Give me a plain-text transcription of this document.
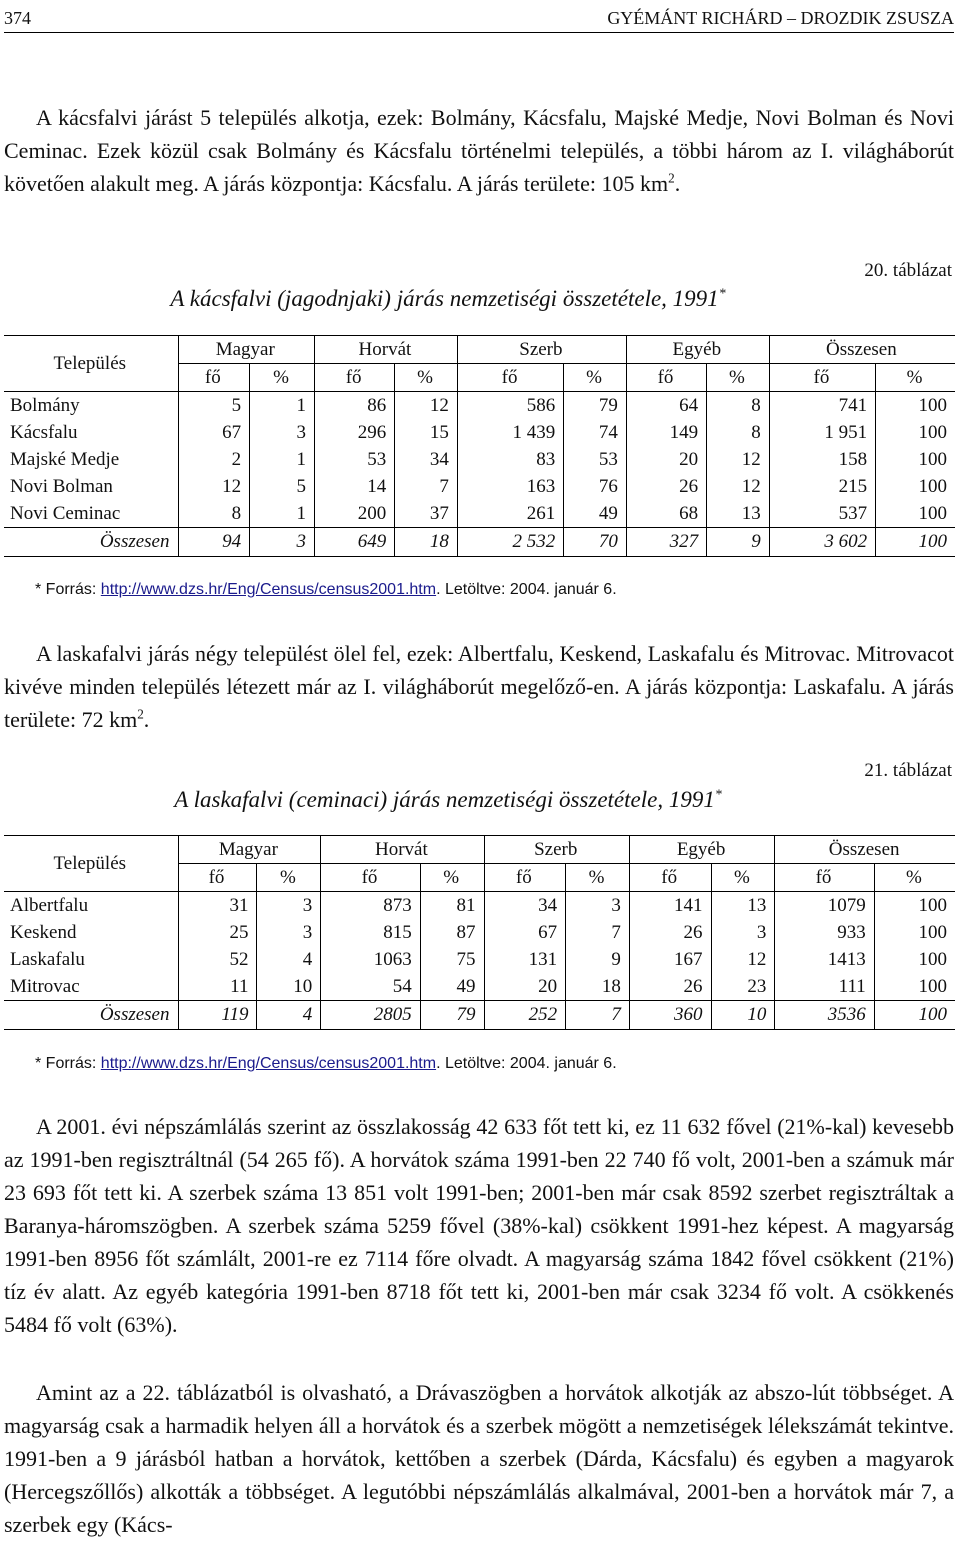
374	GYÉMÁNT RICHÁRD – DROZDIK ZSUSZA

A kácsfalvi járást 5 település alkotja, ezek: Bolmány, Kácsfalu, Majské Medje, Novi Bolman és Novi Ceminac. Ezek közül csak Bolmány és Kácsfalu történelmi település, a többi három az I. világháborút követően alakult meg. A járás központja: Kácsfalu. A járás területe: 105 $km^2$.

20. táblázat
A kácsfalvi (jagodnjaki) járás nemzetiségi összetétele, 1991*
Település	Magyar		Horvát		Szerb		Egyéb		Összesen	
	fő	%	fő	%	fő	%	fő	%	fő	%
Bolmány	5	1	86	12	586	79	64	8	741	100
Kácsfalu	67	3	296	15	1 439	74	149	8	1 951	100
Majské Medje	2	1	53	34	83	53	20	12	158	100
Novi Bolman	12	5	14	7	163	76	26	12	215	100
Novi Ceminac	8	1	200	37	261	49	68	13	537	100
Összesen	94	3	649	18	2 532	70	327	9	3 602	100
* Forrás: http://www.dzs.hr/Eng/Census/census2001.htm. Letöltve: 2004. január 6.

A laskafalvi járás négy települést ölel fel, ezek: Albertfalu, Keskend, Laskafalu és Mitrovac. Mitrovacot kivéve minden település létezett már az I. világháborút megelőző-en. A járás központja: Laskafalu. A járás területe: 72 $km^2$.

21. táblázat
A laskafalvi (ceminaci) járás nemzetiségi összetétele, 1991*
Település	Magyar		Horvát		Szerb		Egyéb		Összesen	
	fő	%	fő	%	fő	%	fő	%	fő	%
Albertfalu	31	3	873	81	34	3	141	13	1079	100
Keskend	25	3	815	87	67	7	26	3	933	100
Laskafalu	52	4	1063	75	131	9	167	12	1413	100
Mitrovac	11	10	54	49	20	18	26	23	111	100
Összesen	119	4	2805	79	252	7	360	10	3536	100
* Forrás: http://www.dzs.hr/Eng/Census/census2001.htm. Letöltve: 2004. január 6.

A 2001. évi népszámlálás szerint az összlakosság 42 633 főt tett ki, ez 11 632 fővel (21%-kal) kevesebb az 1991-ben regisztráltnál (54 265 fő). A horvátok száma 1991-ben 22 740 fő volt, 2001-ben a számuk már 23 693 főt tett ki. A szerbek száma 13 851 volt 1991-ben; 2001-ben már csak 8592 szerbet regisztráltak a Baranya-háromszögben. A szerbek száma 5259 fővel (38%-kal) csökkent 1991-hez képest. A magyarság 1991-ben 8956 főt számlált, 2001-re ez 7114 főre olvadt. A magyarság száma 1842 fővel csökkent (21%) tíz év alatt. Az egyéb kategória 1991-ben 8718 főt tett ki, 2001-ben már csak 3234 fő volt. A csökkenés 5484 fő volt (63%).

Amint az a 22. táblázatból is olvasható, a Drávaszögben a horvátok alkotják az abszo-lút többséget. A magyarság csak a harmadik helyen áll a horvátok és a szerbek mögött a nemzetiségek lélekszámát tekintve. 1991-ben a 9 járásból hatban a horvátok, kettőben a szerbek (Dárda, Kácsfalu) és egyben a magyarok (Hercegszőllős) alkották a többséget. A legutóbbi népszámlálás alkalmával, 2001-ben a horvátok már 7, a szerbek egy (Kács-
